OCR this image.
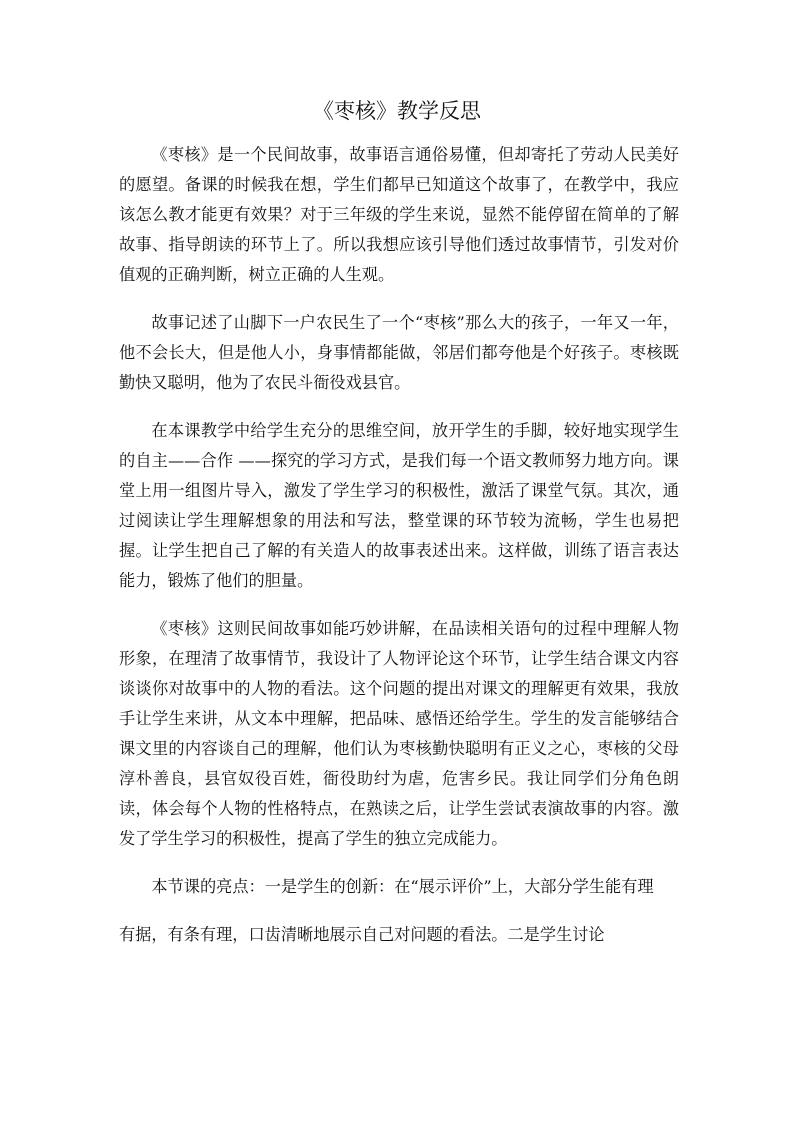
《枣核》教学反思

《枣核》是一个民间故事，故事语言通俗易懂，但却寄托了劳动人民美好的愿望。备课的时候我在想，学生们都早已知道这个故事了，在教学中，我应该怎么教才能更有效果？对于三年级的学生来说，显然不能停留在简单的了解故事、指导朗读的环节上了。所以我想应该引导他们透过故事情节，引发对价值观的正确判断，树立正确的人生观。

故事记述了山脚下一户农民生了一个“枣核”那么大的孩子，一年又一年，他不会长大，但是他人小，身事情都能做，邻居们都夸他是个好孩子。枣核既勤快又聪明，他为了农民斗衙役戏县官。

在本课教学中给学生充分的思维空间，放开学生的手脚，较好地实现学生的自主——合作 ——探究的学习方式，是我们每一个语文教师努力地方向。课堂上用一组图片导入，激发了学生学习的积极性，激活了课堂气氛。其次，通过阅读让学生理解想象的用法和写法，整堂课的环节较为流畅，学生也易把握。让学生把自己了解的有关造人的故事表述出来。这样做，训练了语言表达能力，锻炼了他们的胆量。

《枣核》这则民间故事如能巧妙讲解，在品读相关语句的过程中理解人物形象，在理清了故事情节，我设计了人物评论这个环节，让学生结合课文内容谈谈你对故事中的人物的看法。这个问题的提出对课文的理解更有效果，我放手让学生来讲，从文本中理解，把品味、感悟还给学生。学生的发言能够结合课文里的内容谈自己的理解，他们认为枣核勤快聪明有正义之心，枣核的父母淳朴善良，县官奴役百姓，衙役助纣为虐，危害乡民。我让同学们分角色朗读，体会每个人物的性格特点，在熟读之后，让学生尝试表演故事的内容。激发了学生学习的积极性，提高了学生的独立完成能力。

本节课的亮点：一是学生的创新：在“展示评价”上，大部分学生能有理

有据，有条有理，口齿清晰地展示自己对问题的看法。二是学生讨论
